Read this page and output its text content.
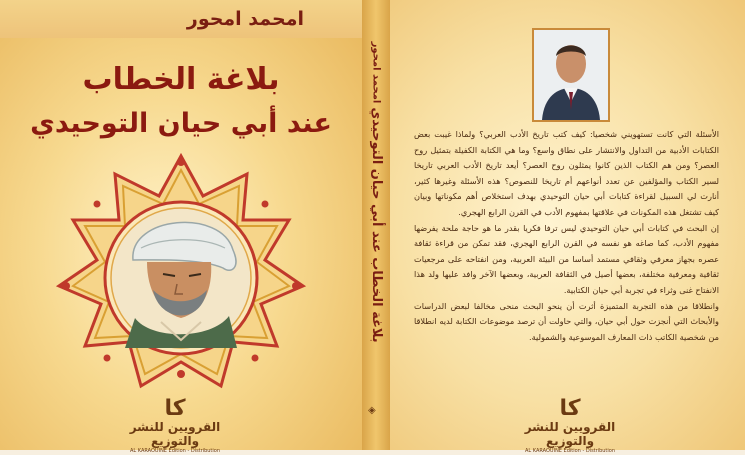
امحمد امحور
بلاغة الخطاب
عند أبي حيان التوحيدي
كا
القرويين للنشر والتوزيع
AL KARAOUINE Edition - Distribution
بلاغة الخطاب عند أبي حيان التوحيدي
امحمد امحور
◈

الأسئلة التي كانت تستهويني شخصيا: كيف كتب تاريخ الأدب العربي؟ ولماذا غيبت بعض الكتابات الأدبية من التداول والانتشار على نطاق واسع؟ وما هي الكتابة الكفيلة بتمثيل روح العصر؟ ومن هم الكتاب الذين كانوا يمثلون روح العصر؟ أيعد تاريخ الأدب العربي تاريخا لسير الكتاب والمؤلفين عن تعدد أنواعهم أم تاريخا للنصوص؟ هذه الأسئلة وغيرها كثير، أنارت لي السبيل لقراءة كتابات أبي حيان التوحيدي بهدف استخلاص أهم مكوناتها وبيان كيف تشتغل هذه المكونات في علاقتها بمفهوم الأدب في القرن الرابع الهجري.

إن البحث في كتابات أبي حيان التوحيدي ليس ترفا فكريا بقدر ما هو حاجة ملحة يفرضها مفهوم الأدب، كما صاغه هو نفسه في القرن الرابع الهجري، فقد تمكن من قراءة ثقافة عصره بجهاز معرفي وثقافي مستمد أساسا من البيئة العربية، ومن انفتاحه على مرجعيات ثقافية ومعرفية مختلفة، بعضها أصيل في الثقافة العربية، وبعضها الآخر وافد عليها ولد هذا الانفتاح غنى وثراء في تجربة أبي حيان الكتابية.

وانطلاقا من هذه التجربة المتميزة أثرت أن ينحو البحث منحى مخالفا لبعض الدراسات والأبحاث التي أنجزت حول أبي حيان، والتي حاولت أن ترصد موضوعات الكتابة لديه انطلاقا من شخصية الكاتب ذات المعارف الموسوعية والشمولية.

كا
القرويين للنشر والتوزيع
AL KARAOUINE Edition - Distribution
